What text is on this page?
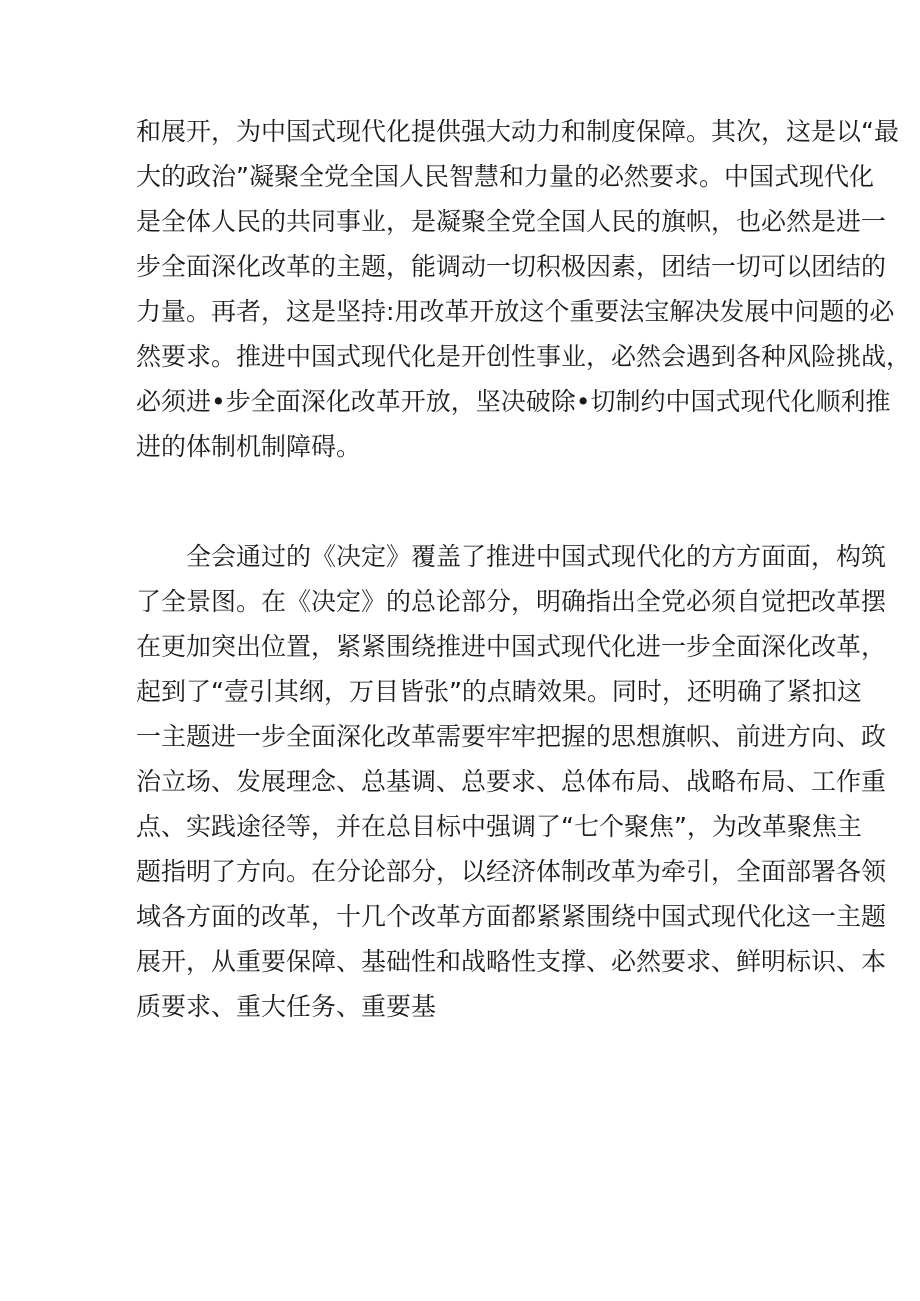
和展开，为中国式现代化提供强大动力和制度保障。其次，这是以“最
大的政治”凝聚全党全国人民智慧和力量的必然要求。中国式现代化
是全体人民的共同事业，是凝聚全党全国人民的旗帜，也必然是进一
步全面深化改革的主题，能调动一切积极因素，团结一切可以团结的
力量。再者，这是坚持:用改革开放这个重要法宝解决发展中问题的必
然要求。推进中国式现代化是开创性事业，必然会遇到各种风险挑战，
必须进•步全面深化改革开放，坚决破除•切制约中国式现代化顺利推
进的体制机制障碍。
全会通过的《决定》覆盖了推进中国式现代化的方方面面，构筑
了全景图。在《决定》的总论部分，明确指出全党必须自觉把改革摆
在更加突出位置，紧紧围绕推进中国式现代化进一步全面深化改革，
起到了“壹引其纲，万目皆张”的点睛效果。同时，还明确了紧扣这
一主题进一步全面深化改革需要牢牢把握的思想旗帜、前进方向、政
治立场、发展理念、总基调、总要求、总体布局、战略布局、工作重
点、实践途径等，并在总目标中强调了“七个聚焦”，为改革聚焦主
题指明了方向。在分论部分，以经济体制改革为牵引，全面部署各领
域各方面的改革，十几个改革方面都紧紧围绕中国式现代化这一主题
展开，从重要保障、基础性和战略性支撑、必然要求、鲜明标识、本
质要求、重大任务、重要基
